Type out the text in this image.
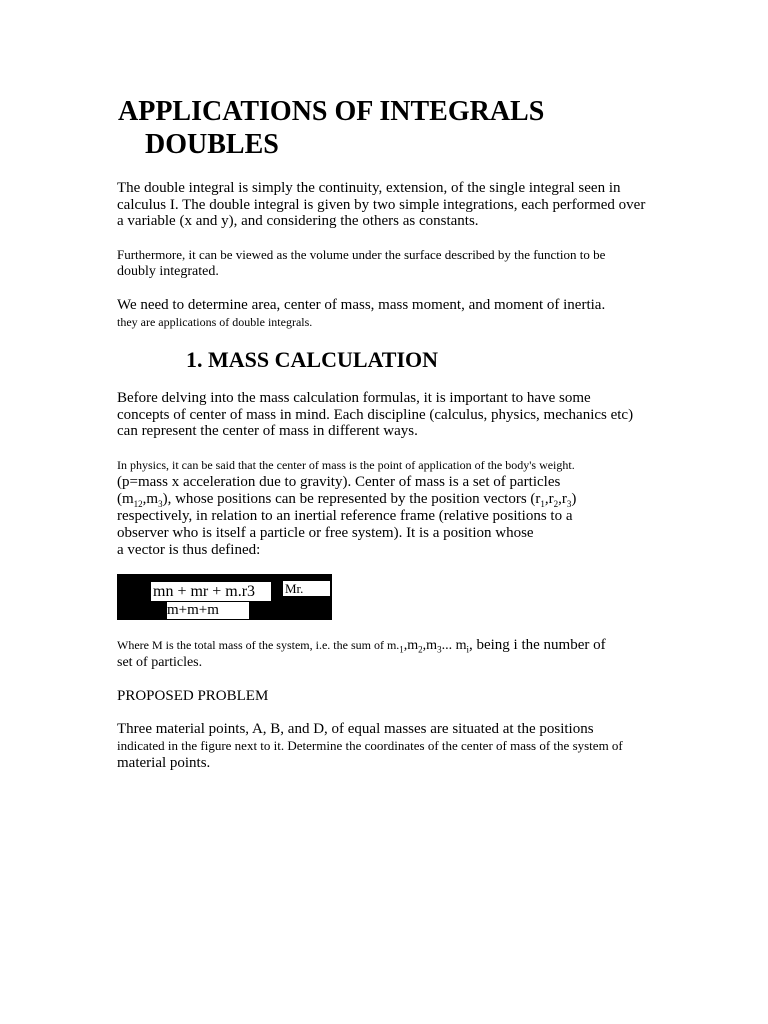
APPLICATIONS OF INTEGRALS
DOUBLES
The double integral is simply the continuity, extension, of the single integral seen in
calculus I. The double integral is given by two simple integrations, each performed over
a variable (x and y), and considering the others as constants.
Furthermore, it can be viewed as the volume under the surface described by the function to be
doubly integrated.
We need to determine area, center of mass, mass moment, and moment of inertia.
they are applications of double integrals.
1. MASS CALCULATION
Before delving into the mass calculation formulas, it is important to have some
concepts of center of mass in mind. Each discipline (calculus, physics, mechanics etc)
can represent the center of mass in different ways.
In physics, it can be said that the center of mass is the point of application of the body's weight.
(p=mass x acceleration due to gravity). Center of mass is a set of particles
$(m_{12},m_3)$, whose positions can be represented by the position vectors $(r_1,r_2,r_3)$
respectively, in relation to an inertial reference frame (relative positions to a
observer who is itself a particle or free system). It is a position whose
a vector is thus defined:
mn + mr + m.r3	Mr.
m+m+m
Where M is the total mass of the system, i.e. the sum of $m._1,m_2,m_3$... $m_i$, being i the number of
set of particles.
PROPOSED PROBLEM
Three material points, A, B, and D, of equal masses are situated at the positions
indicated in the figure next to it. Determine the coordinates of the center of mass of the system of
material points.
